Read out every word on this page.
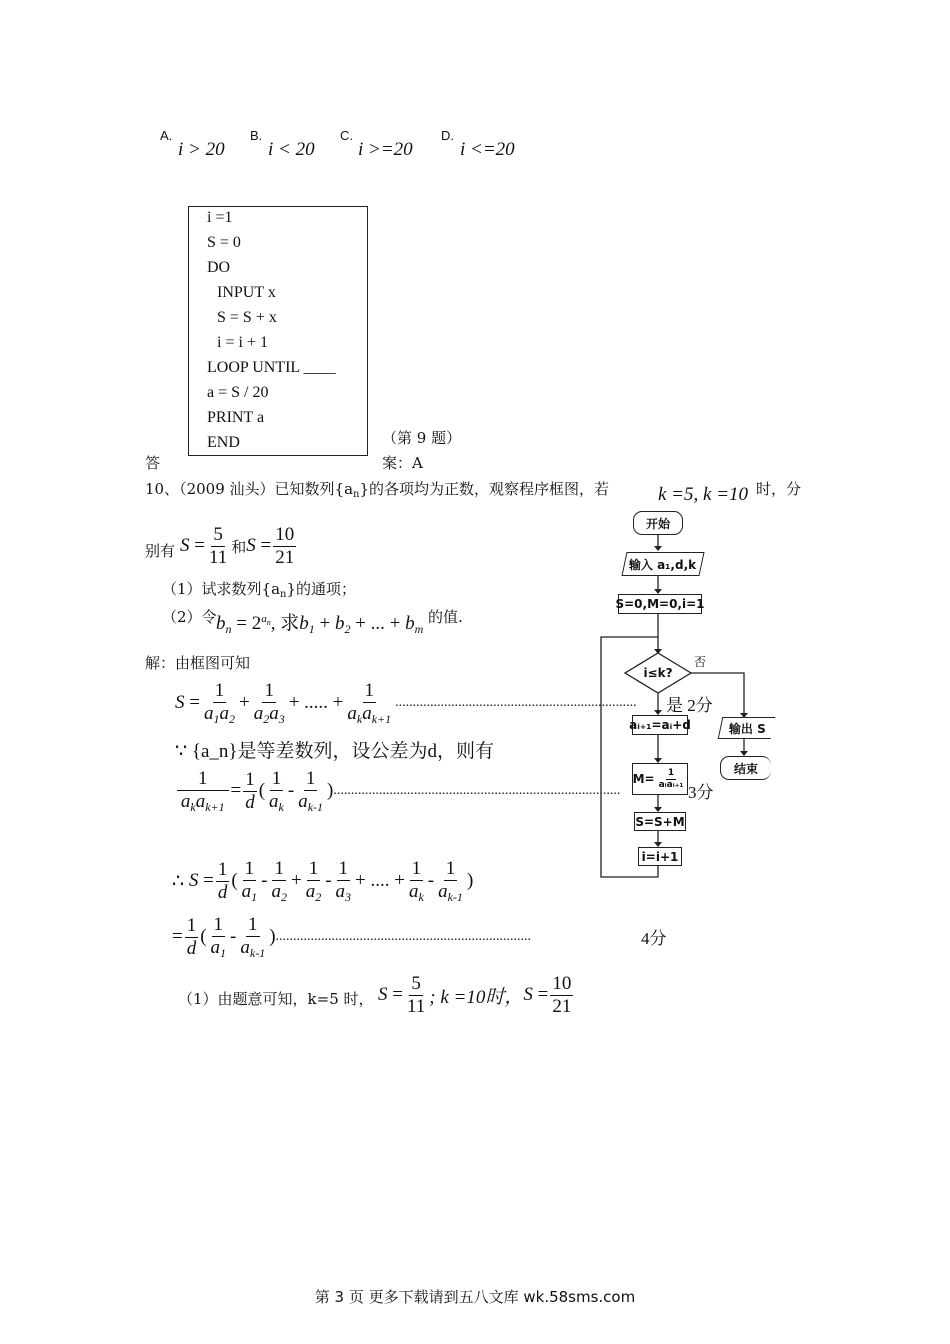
A.
i > 20
B.
i < 20
C.
i >=20
D.
i <=20
i =1
S = 0
DO
INPUT x
S = S + x
i = i + 1
LOOP UNTIL ____
a = S / 20
PRINT a
END	（第 9 题）
答	案：A
10、（2009 汕头）已知数列$\{a_n\}$的各项均为正数，观察程序框图，若	k =5, k =10 时，分
别有 $S = \frac{5}{11}$ 和 $S = \frac{10}{21}$
（1）试求数列$\{a_n\}$的通项；
（2）令 $b_n = 2^{a_n}$, 求$b_1 + b_2$ + ... + $b_m$
的值.
解：由框图可知
$S = \frac{1}{a_1a_2} + \frac{1}{a_2a_3}$ + ..... + $\frac{1}{a_ka_{k+1}}$ ..................................................................... 是 2分
∵ {a_n}是等差数列，设公差为d，则有
$\frac{1}{a_ka_{k+1}} = \frac{1}{d}$ ( $\frac{1}{a_k} - \frac{1}{a_{k-1}}$ ) ..................................................................................	3分
∴ $S = \frac{1}{d}$ ( $\frac{1}{a_1} - \frac{1}{a_2} + \frac{1}{a_2} - \frac{1}{a_3}$ + .... + $\frac{1}{a_k} - \frac{1}{a_{k-1}}$ )
= $\frac{1}{d}$ ( $\frac{1}{a_1} - \frac{1}{a_{k-1}}$ ) .........................................................................	4分
（1）由题意可知，k=5 时， $S = \frac{5}{11}$ ; k =10时， $S = \frac{10}{21}$
开始
输入 a₁,d,k
S=0,M=0,i=1
i≤k?
否
aᵢ₊₁=aᵢ+d
$M= \frac{1}{\text{aᵢaᵢ₊₁}}$
S=S+M
i=i+1
输出 S
结束
第 3 页 更多下载请到五八文库 wk.58sms.com
